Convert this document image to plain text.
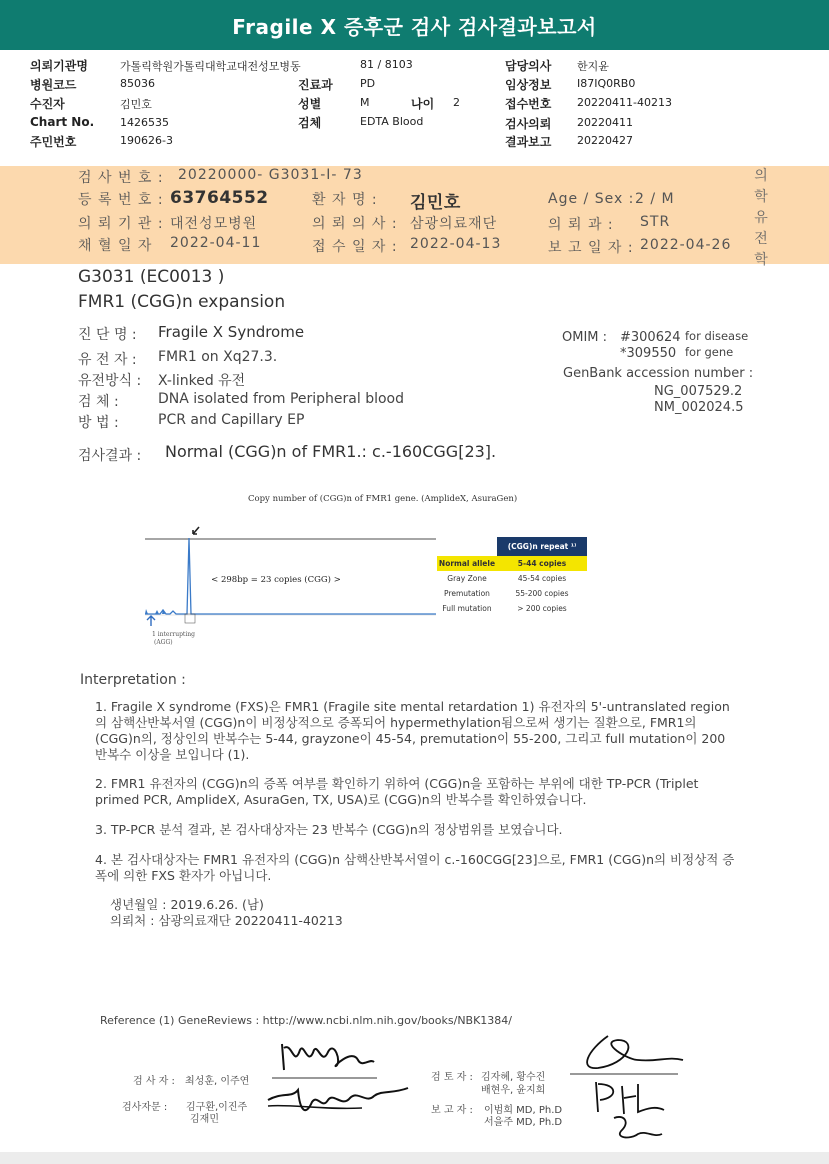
Fragile X 증후군 검사 검사결과보고서
의뢰기관명	가톨릭학원가톨릭대학교대전성모병동	81 / 8103	담당의사 한지윤
병원코드	85036	진료과 PD	임상정보 I87IQ0RB0
수진자	김민호	성별	M	나이 2	접수번호 20220411-40213
Chart No. 1426535	검체	EDTA Blood	검사의뢰 20220411
주민번호	190626-3	결과보고 20220427
검 사 번 호 : 20220000- G3031-I- 73
등 록 번 호 : 63764552	환 자 명 : 김민호	Age / Sex : 2 / M
의 뢰 기 관 : 대전성모병원	의 뢰 의 사 : 삼광의료재단	의 뢰 과 : STR
채 혈 일 자 2022-04-11	접 수 일 자 : 2022-04-13	보 고 일 자 : 2022-04-26
의
학
유
전
학
G3031 (EC0013 )
FMR1 (CGG)n expansion
진 단 명 : Fragile X Syndrome
유 전 자 : FMR1 on Xq27.3.
유전방식 : X-linked 유전
검 체 :	DNA isolated from Peripheral blood
방 법 :	PCR and Capillary EP
OMIM : #300624 for disease
*309550 for gene
GenBank accession number :
NG_007529.2
NM_002024.5
검사결과 : Normal (CGG)n of FMR1.: c.-160CGG[23].
Copy number of (CGG)n of FMR1 gene. (AmplideX, AsuraGen)
< 298bp = 23 copies (CGG) >
1 interrupting
(AGG)
(CGG)n repeat ¹⁾
Normal allele	5-44 copies
Gray Zone	45-54 copies
Premutation	55-200 copies
Full mutation	> 200 copies
Interpretation :
1. Fragile X syndrome (FXS)은 FMR1 (Fragile site mental retardation 1) 유전자의 5'-untranslated region의 삼핵산반복서열 (CGG)n이 비정상적으로 증폭되어 hypermethylation됨으로써 생기는 질환으로, FMR1의 (CGG)n의, 정상인의 반복수는 5-44, grayzone이 45-54, premutation이 55-200, 그리고 full mutation이 200 반복수 이상을 보입니다 (1).
2. FMR1 유전자의 (CGG)n의 증폭 여부를 확인하기 위하여 (CGG)n을 포함하는 부위에 대한 TP-PCR (Triplet primed PCR, AmplideX, AsuraGen, TX, USA)로 (CGG)n의 반복수를 확인하였습니다.
3. TP-PCR 분석 결과, 본 검사대상자는 23 반복수 (CGG)n의 정상범위를 보였습니다.
4. 본 검사대상자는 FMR1 유전자의 (CGG)n 삼핵산반복서열이 c.-160CGG[23]으로, FMR1 (CGG)n의 비정상적 증폭에 의한 FXS 환자가 아닙니다.
생년월일 : 2019.6.26. (남)
의뢰처 : 삼광의료재단 20220411-40213
Reference (1) GeneReviews : http://www.ncbi.nlm.nih.gov/books/NBK1384/
검 사 자 : 최성훈, 이주연	검 토 자 : 김자혜, 황수진
배현우, 윤지희
검사자문 : 김구환,이진주
김재민
보 고 자 : 이범희 MD, Ph.D
서을주 MD, Ph.D
